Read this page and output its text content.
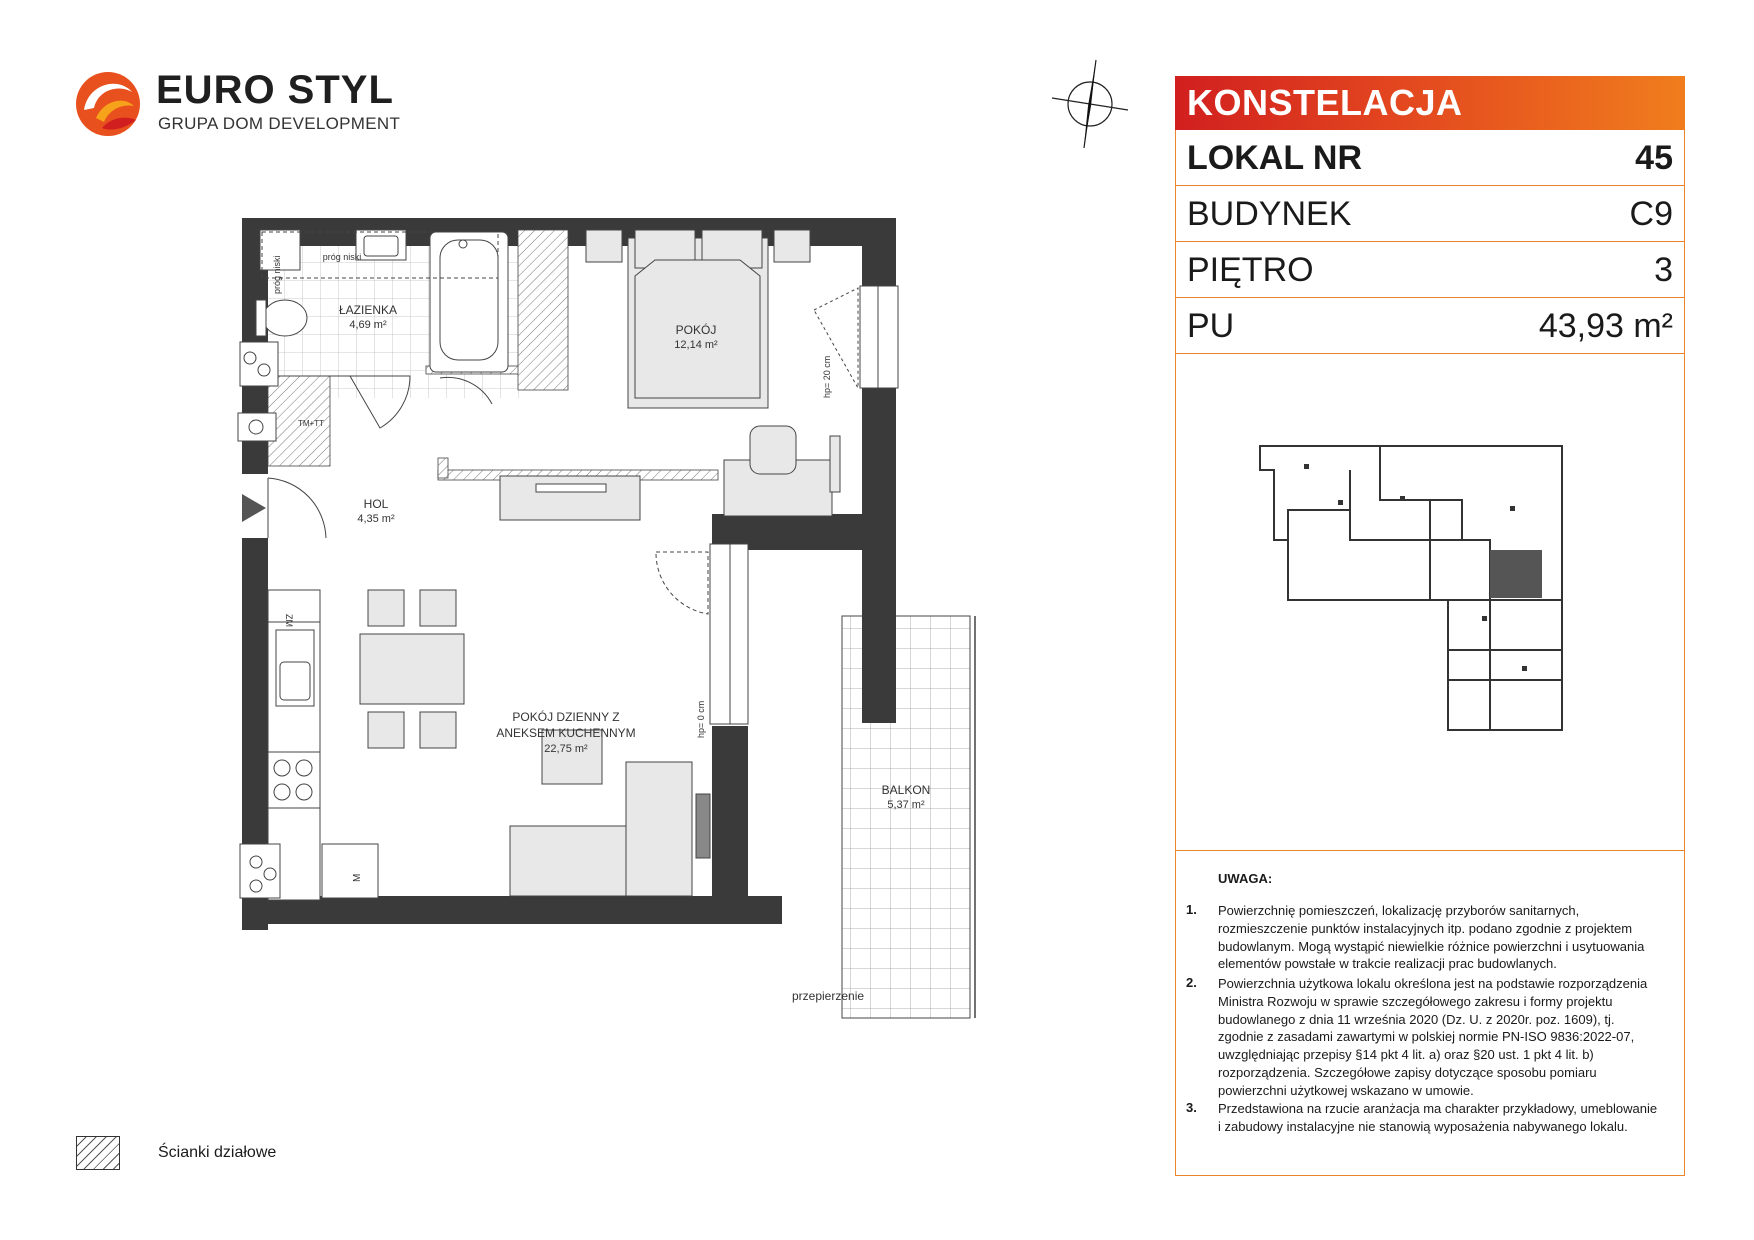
EURO STYL
GRUPA DOM DEVELOPMENT
ŁAZIENKA
4,69 m²	POKÓJ
12,14 m²
HOL
4,35 m²
POKÓJ DZIENNY Z
ANEKSEM KUCHENNYM
22,75 m²
BALKON
5,37 m²
próg niski
próg niski
TM+TT
hp= 20 cm
hp= 0 cm
przepierzenie
ZM
M
KONSTELACJA
LOKAL NR	45
BUDYNEK	C9
PIĘTRO	3
PU	43,93 m²
UWAGA:
1. Powierzchnię pomieszczeń, lokalizację przyborów sanitarnych, rozmieszczenie punktów instalacyjnych itp. podano zgodnie z projektem budowlanym. Mogą wystąpić niewielkie różnice powierzchni i usytuowania elementów powstałe w trakcie realizacji prac budowlanych.
2. Powierzchnia użytkowa lokalu określona jest na podstawie rozporządzenia Ministra Rozwoju w sprawie szczegółowego zakresu i formy projektu budowlanego z dnia 11 września 2020 (Dz. U. z 2020r. poz. 1609), tj. zgodnie z zasadami zawartymi w polskiej normie PN-ISO 9836:2022-07, uwzględniając przepisy §14 pkt 4 lit. a) oraz §20 ust. 1 pkt 4 lit. b) rozporządzenia. Szczegółowe zapisy dotyczące sposobu pomiaru powierzchni użytkowej wskazano w umowie.
3. Przedstawiona na rzucie aranżacja ma charakter przykładowy, umeblowanie i zabudowy instalacyjne nie stanowią wyposażenia nabywanego lokalu.
Ścianki działowe
